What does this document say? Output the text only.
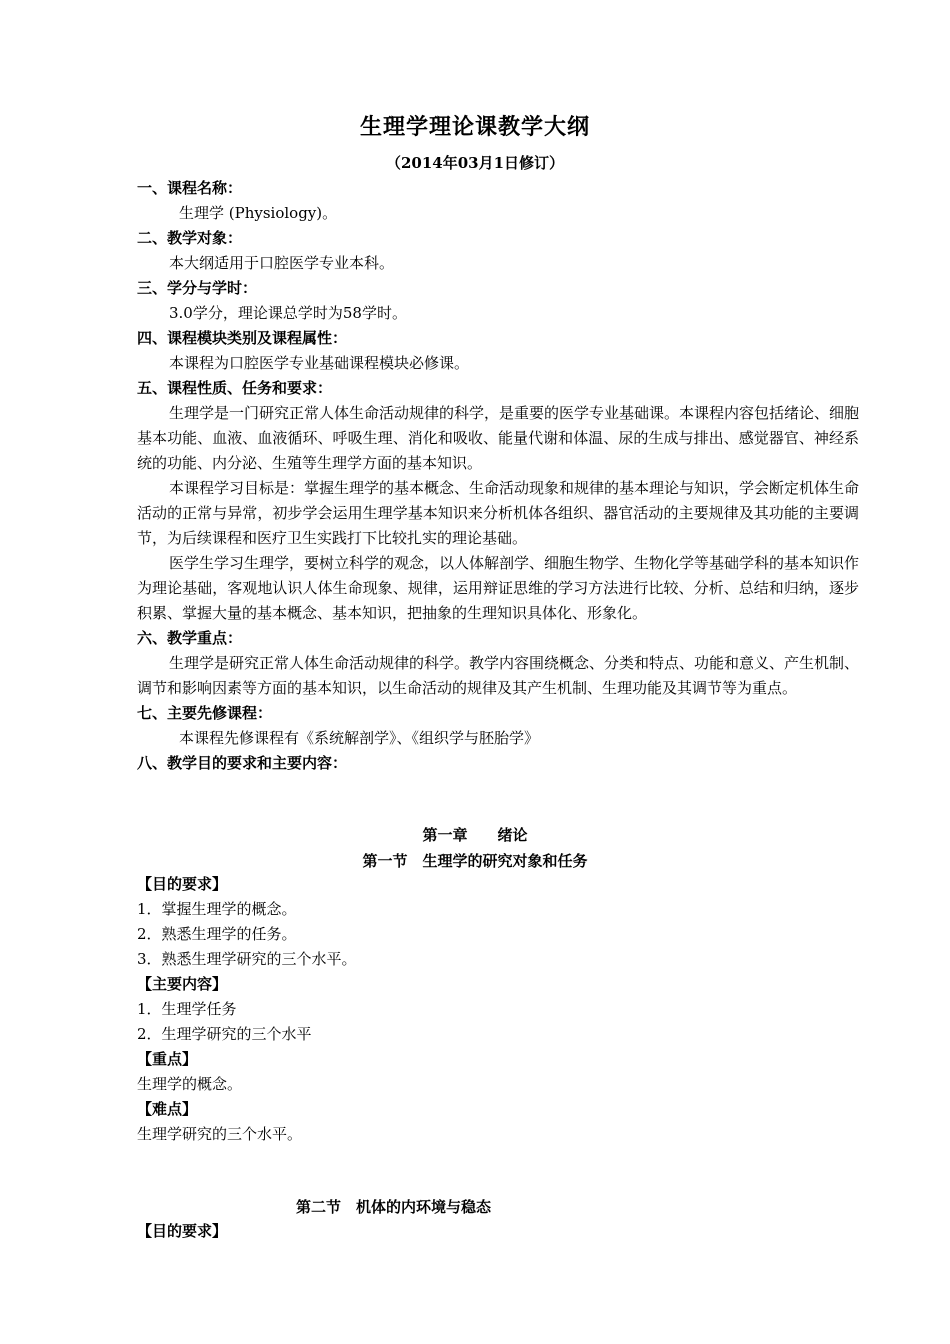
生理学理论课教学大纲
（2014年03月1日修订）
一、课程名称：
生理学 (Physiology)。
二、教学对象：
本大纲适用于口腔医学专业本科。
三、学分与学时：
3.0学分，理论课总学时为58学时。
四、课程模块类别及课程属性：
本课程为口腔医学专业基础课程模块必修课。
五、课程性质、任务和要求：
生理学是一门研究正常人体生命活动规律的科学，是重要的医学专业基础课。本课程内容包括绪论、细胞基本功能、血液、血液循环、呼吸生理、消化和吸收、能量代谢和体温、尿的生成与排出、感觉器官、神经系统的功能、内分泌、生殖等生理学方面的基本知识。
本课程学习目标是：掌握生理学的基本概念、生命活动现象和规律的基本理论与知识，学会断定机体生命活动的正常与异常，初步学会运用生理学基本知识来分析机体各组织、器官活动的主要规律及其功能的主要调节，为后续课程和医疗卫生实践打下比较扎实的理论基础。
医学生学习生理学，要树立科学的观念，以人体解剖学、细胞生物学、生物化学等基础学科的基本知识作为理论基础，客观地认识人体生命现象、规律，运用辩证思维的学习方法进行比较、分析、总结和归纳，逐步积累、掌握大量的基本概念、基本知识，把抽象的生理知识具体化、形象化。
六、教学重点：
生理学是研究正常人体生命活动规律的科学。教学内容围绕概念、分类和特点、功能和意义、产生机制、调节和影响因素等方面的基本知识，以生命活动的规律及其产生机制、生理功能及其调节等为重点。
七、主要先修课程：
本课程先修课程有《系统解剖学》、《组织学与胚胎学》
八、教学目的要求和主要内容：
第一章　　绪论
第一节　生理学的研究对象和任务
【目的要求】
1．掌握生理学的概念。
2．熟悉生理学的任务。
3．熟悉生理学研究的三个水平。
【主要内容】
1．生理学任务
2．生理学研究的三个水平
【重点】
生理学的概念。
【难点】
生理学研究的三个水平。
第二节　机体的内环境与稳态
【目的要求】
